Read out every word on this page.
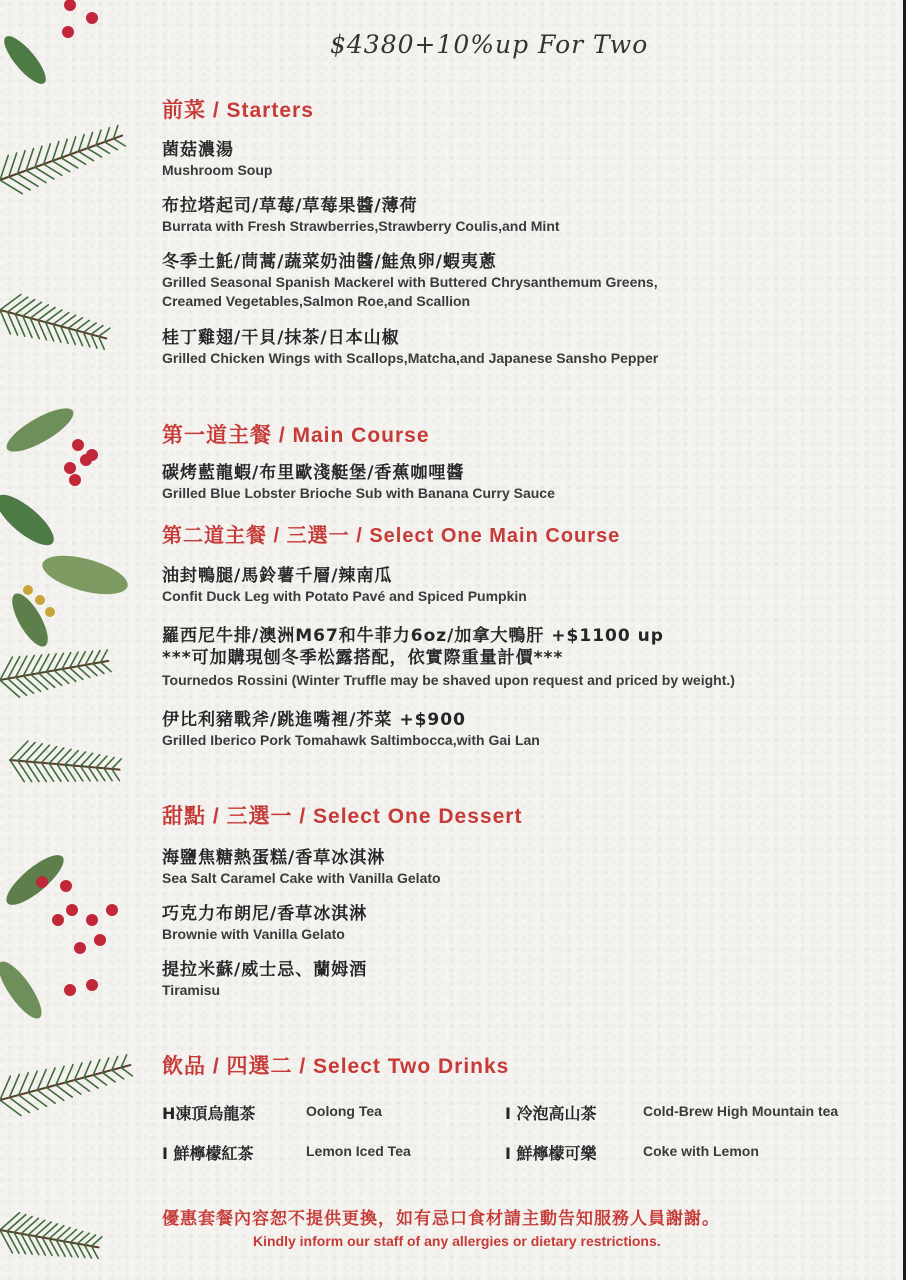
$4380+10%up For Two
前菜 / Starters
菌菇濃湯
Mushroom Soup
布拉塔起司/草莓/草莓果醬/薄荷
Burrata with Fresh Strawberries,Strawberry Coulis,and Mint
冬季土魠/茼蒿/蔬菜奶油醬/鮭魚卵/蝦夷蔥
Grilled Seasonal Spanish Mackerel with Buttered Chrysanthemum Greens,
Creamed Vegetables,Salmon Roe,and Scallion
桂丁雞翅/干貝/抹茶/日本山椒
Grilled Chicken Wings with Scallops,Matcha,and Japanese Sansho Pepper
第一道主餐 / Main Course
碳烤藍龍蝦/布里歐淺艇堡/香蕉咖哩醬
Grilled Blue Lobster Brioche Sub with Banana Curry Sauce
第二道主餐 / 三選一 / Select One Main Course
油封鴨腿/馬鈴薯千層/辣南瓜
Confit Duck Leg with Potato Pavé and Spiced Pumpkin
羅西尼牛排/澳洲M67和牛菲力6oz/加拿大鴨肝 +$1100 up
***可加購現刨冬季松露搭配，依實際重量計價***
Tournedos Rossini (Winter Truffle may be shaved upon request and priced by weight.)
伊比利豬戰斧/跳進嘴裡/芥菜 +$900
Grilled Iberico Pork Tomahawk Saltimbocca,with Gai Lan
甜點 / 三選一 / Select One Dessert
海鹽焦糖熱蛋糕/香草冰淇淋
Sea Salt Caramel Cake with Vanilla Gelato
巧克力布朗尼/香草冰淇淋
Brownie with Vanilla Gelato
提拉米蘇/威士忌、蘭姆酒
Tiramisu
飲品 / 四選二 / Select Two Drinks
H凍頂烏龍茶	Oolong Tea	I 冷泡高山茶	Cold-Brew High Mountain tea
I 鮮檸檬紅茶	Lemon Iced Tea	I 鮮檸檬可樂	Coke with Lemon
優惠套餐內容恕不提供更換，如有忌口食材請主動告知服務人員謝謝。
Kindly inform our staff of any allergies or dietary restrictions.
